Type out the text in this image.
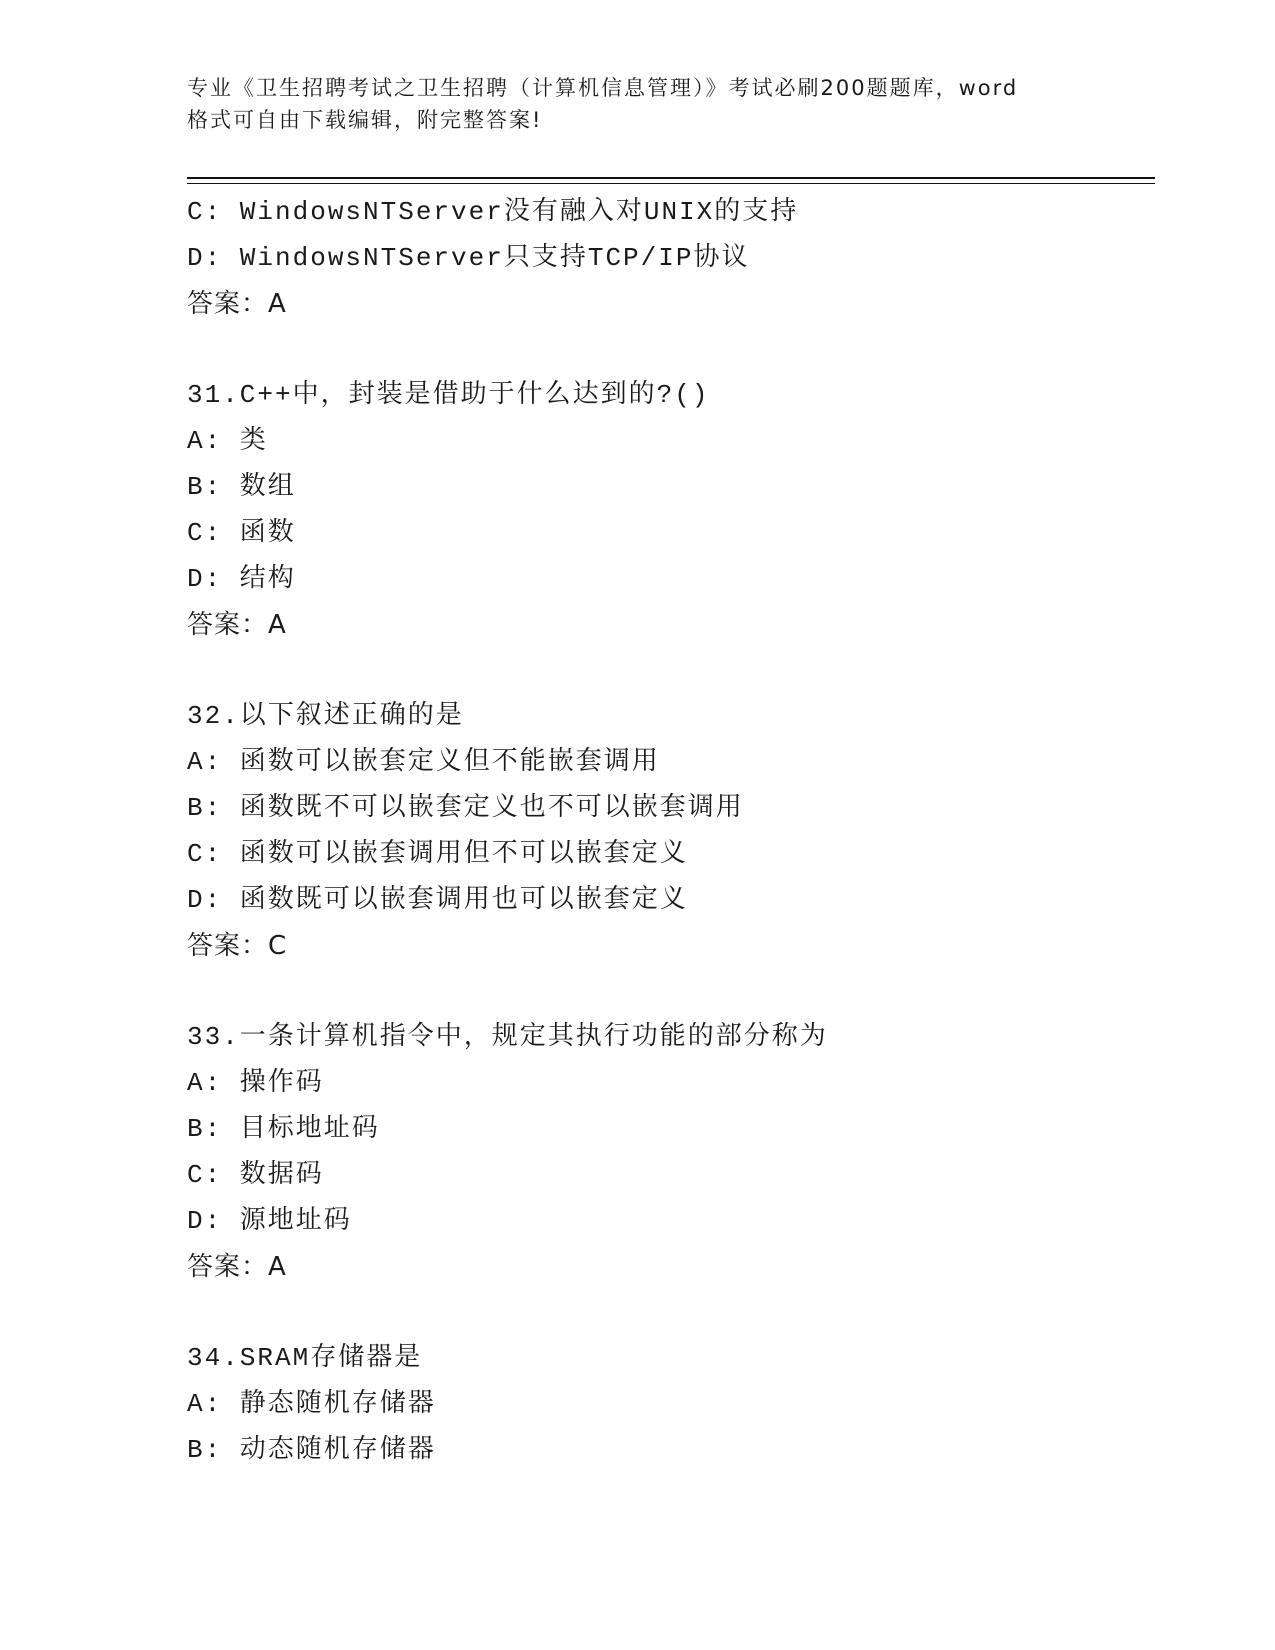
专业《卫生招聘考试之卫生招聘（计算机信息管理）》考试必刷200题题库，word
格式可自由下载编辑，附完整答案!
C: WindowsNTServer没有融入对UNIX的支持
D: WindowsNTServer只支持TCP/IP协议
答案：A
31.C++中，封装是借助于什么达到的?()
A: 类
B: 数组
C: 函数
D: 结构
答案：A
32.以下叙述正确的是
A: 函数可以嵌套定义但不能嵌套调用
B: 函数既不可以嵌套定义也不可以嵌套调用
C: 函数可以嵌套调用但不可以嵌套定义
D: 函数既可以嵌套调用也可以嵌套定义
答案：C
33.一条计算机指令中，规定其执行功能的部分称为
A: 操作码
B: 目标地址码
C: 数据码
D: 源地址码
答案：A
34.SRAM存储器是
A: 静态随机存储器
B: 动态随机存储器
